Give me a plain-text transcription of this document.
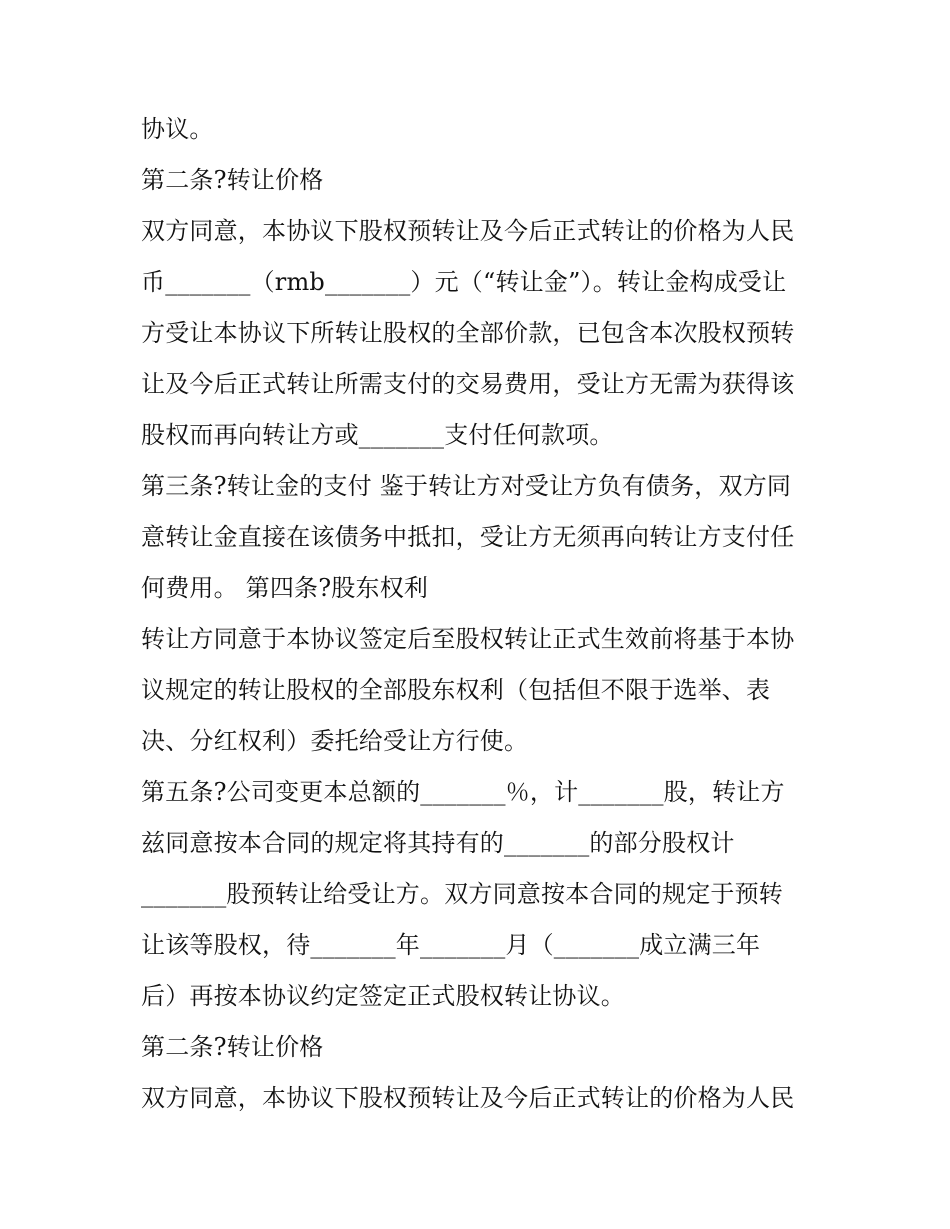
协议。
第二条?转让价格
双方同意，本协议下股权预转让及今后正式转让的价格为人民
币_______（rmb_______）元（“转让金”）。转让金构成受让
方受让本协议下所转让股权的全部价款，已包含本次股权预转
让及今后正式转让所需支付的交易费用，受让方无需为获得该
股权而再向转让方或_______支付任何款项。
第三条?转让金的支付 鉴于转让方对受让方负有债务，双方同
意转让金直接在该债务中抵扣，受让方无须再向转让方支付任
何费用。 第四条?股东权利
转让方同意于本协议签定后至股权转让正式生效前将基于本协
议规定的转让股权的全部股东权利（包括但不限于选举、表
决、分红权利）委托给受让方行使。
第五条?公司变更本总额的_______％，计_______股，转让方
兹同意按本合同的规定将其持有的_______的部分股权计
_______股预转让给受让方。双方同意按本合同的规定于预转
让该等股权，待_______年_______月（_______成立满三年
后）再按本协议约定签定正式股权转让协议。
第二条?转让价格
双方同意，本协议下股权预转让及今后正式转让的价格为人民
